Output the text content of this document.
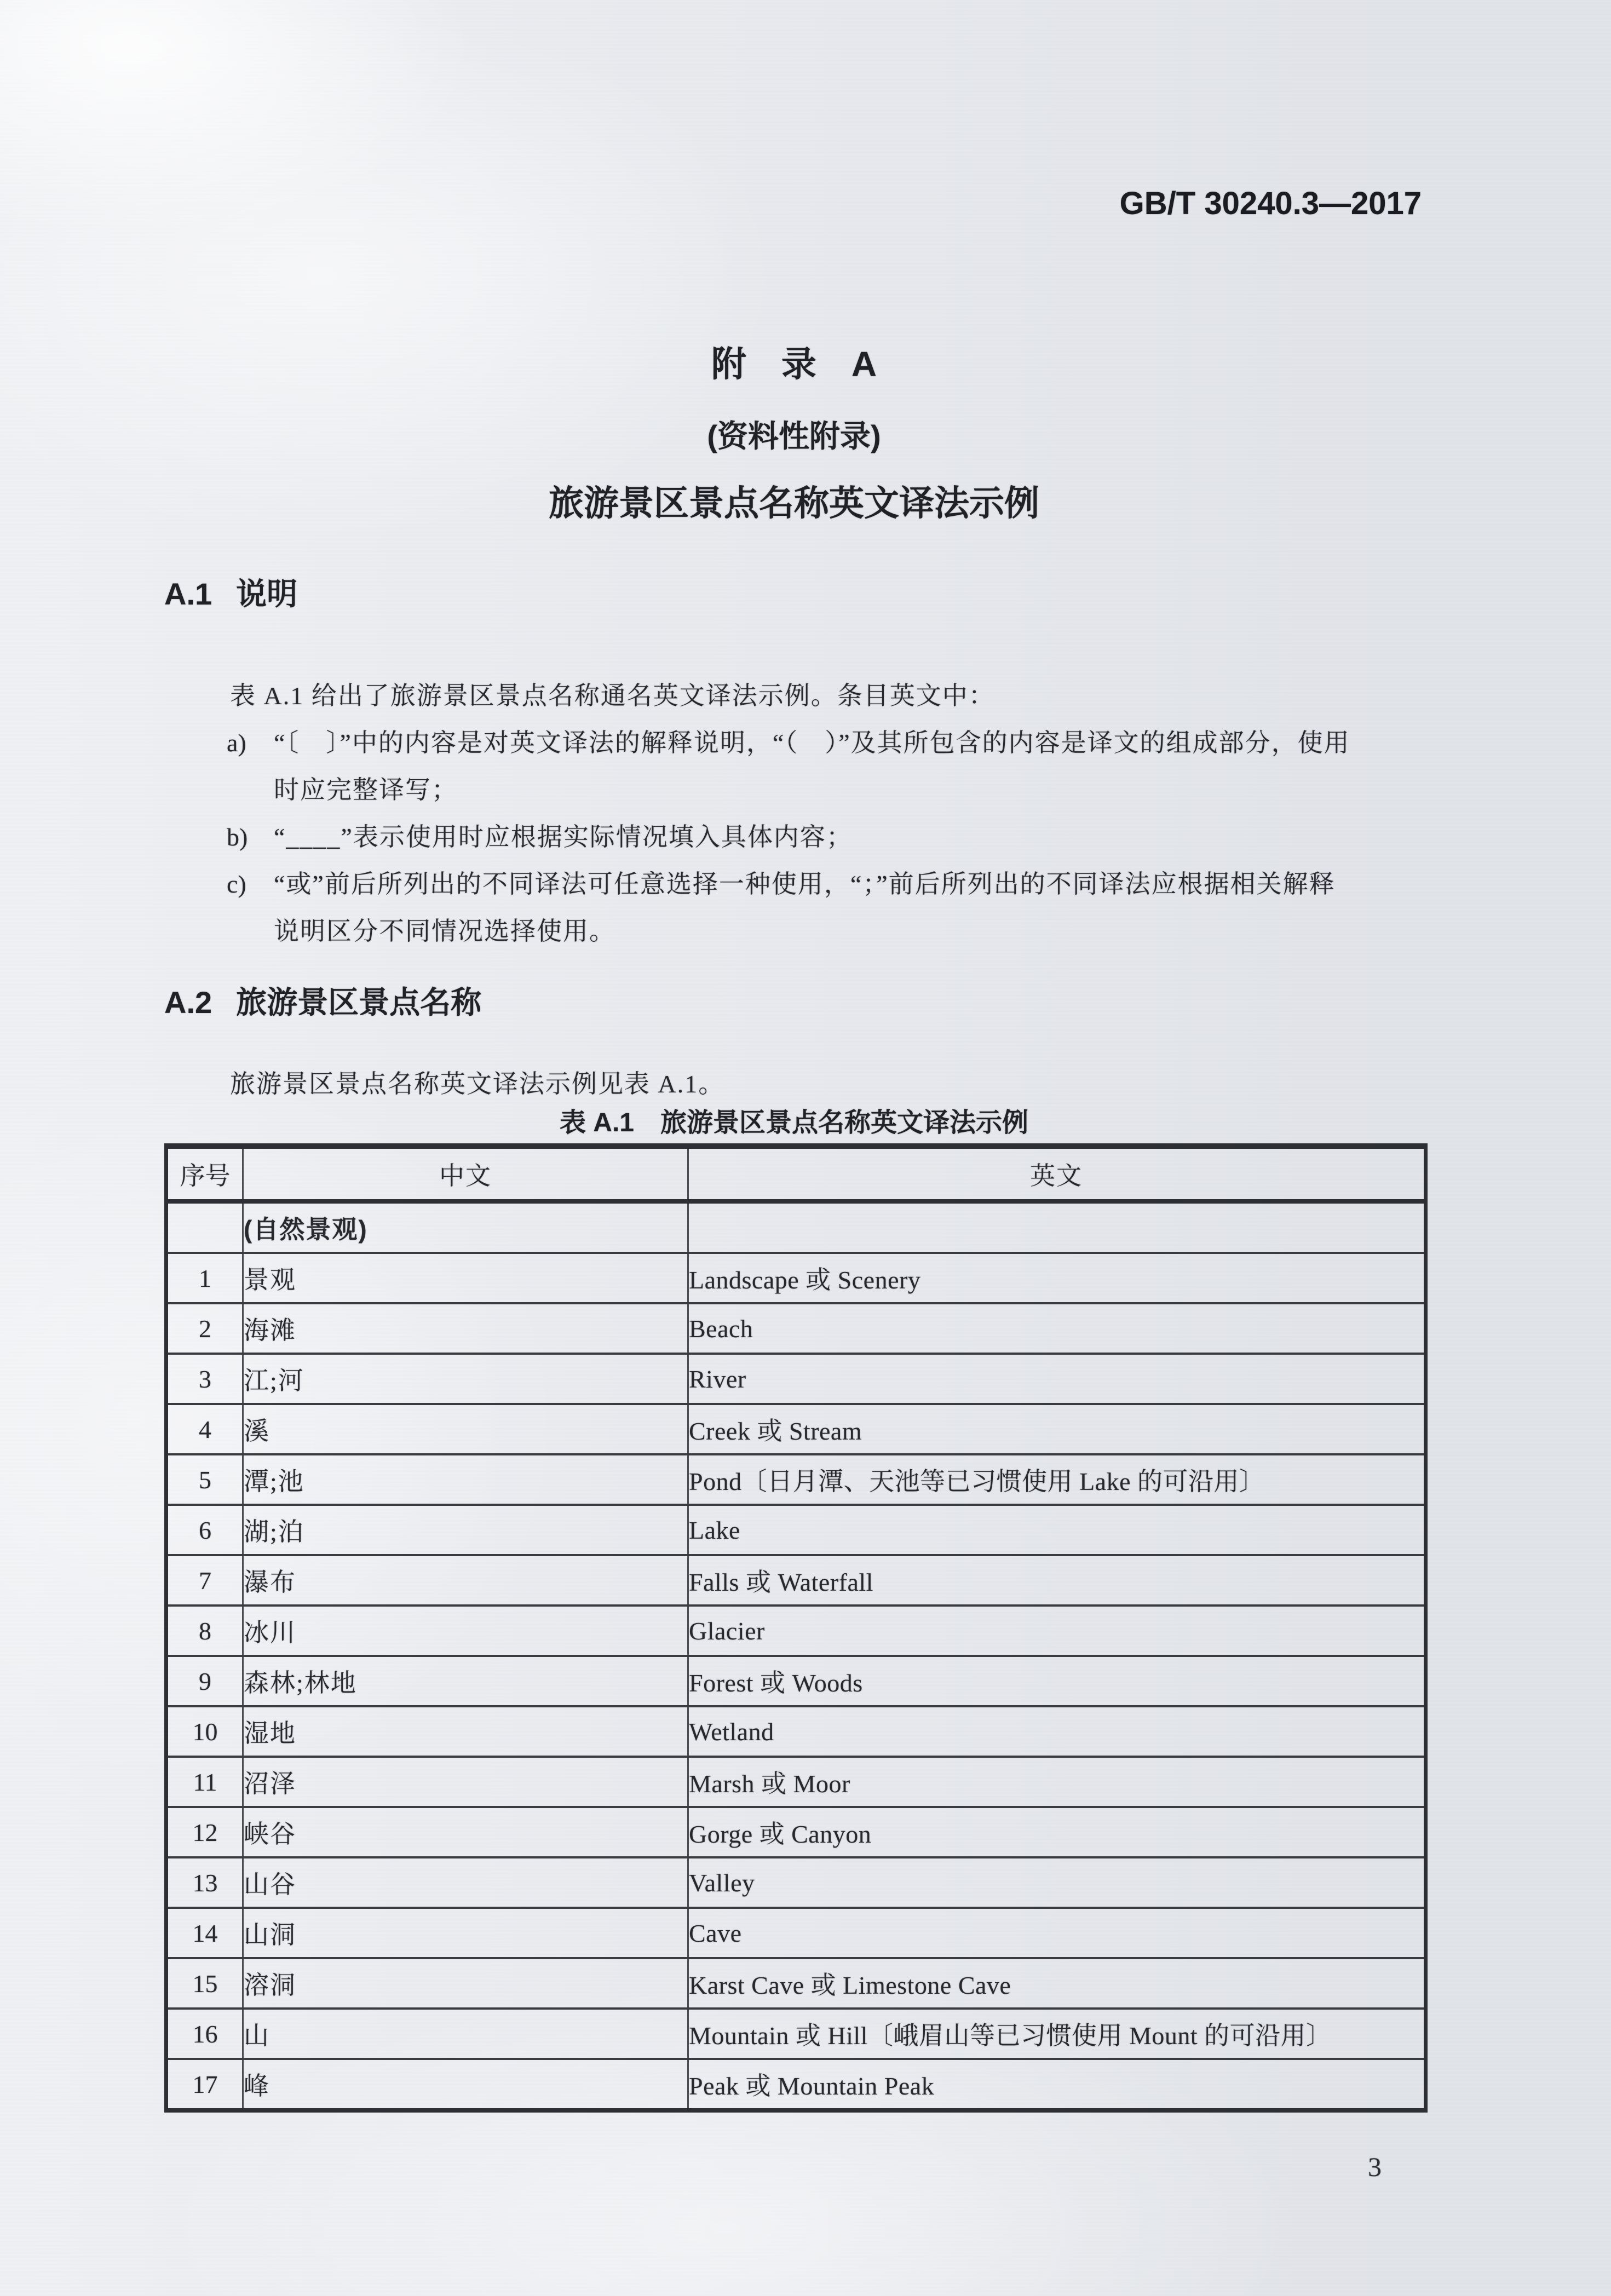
GB/T 30240.3—2017
附　录　A
(资料性附录)
旅游景区景点名称英文译法示例
A.1 说明

表 A.1 给出了旅游景区景点名称通名英文译法示例。条目英文中：

a) “〔　〕”中的内容是对英文译法的解释说明，“（　）”及其所包含的内容是译文的组成部分，使用
时应完整译写；
b) “____”表示使用时应根据实际情况填入具体内容；
c) “或”前后所列出的不同译法可任意选择一种使用，“；”前后所列出的不同译法应根据相关解释
说明区分不同情况选择使用。
A.2 旅游景区景点名称

旅游景区景点名称英文译法示例见表 A.1。

表 A.1　旅游景区景点名称英文译法示例
序号	中文	英文
	(自然景观)	
1	景观	Landscape 或 Scenery
2	海滩	Beach
3	江;河	River
4	溪	Creek 或 Stream
5	潭;池	Pond〔日月潭、天池等已习惯使用 Lake 的可沿用〕
6	湖;泊	Lake
7	瀑布	Falls 或 Waterfall
8	冰川	Glacier
9	森林;林地	Forest 或 Woods
10	湿地	Wetland
11	沼泽	Marsh 或 Moor
12	峡谷	Gorge 或 Canyon
13	山谷	Valley
14	山洞	Cave
15	溶洞	Karst Cave 或 Limestone Cave
16	山	Mountain 或 Hill〔峨眉山等已习惯使用 Mount 的可沿用〕
17	峰	Peak 或 Mountain Peak
3
